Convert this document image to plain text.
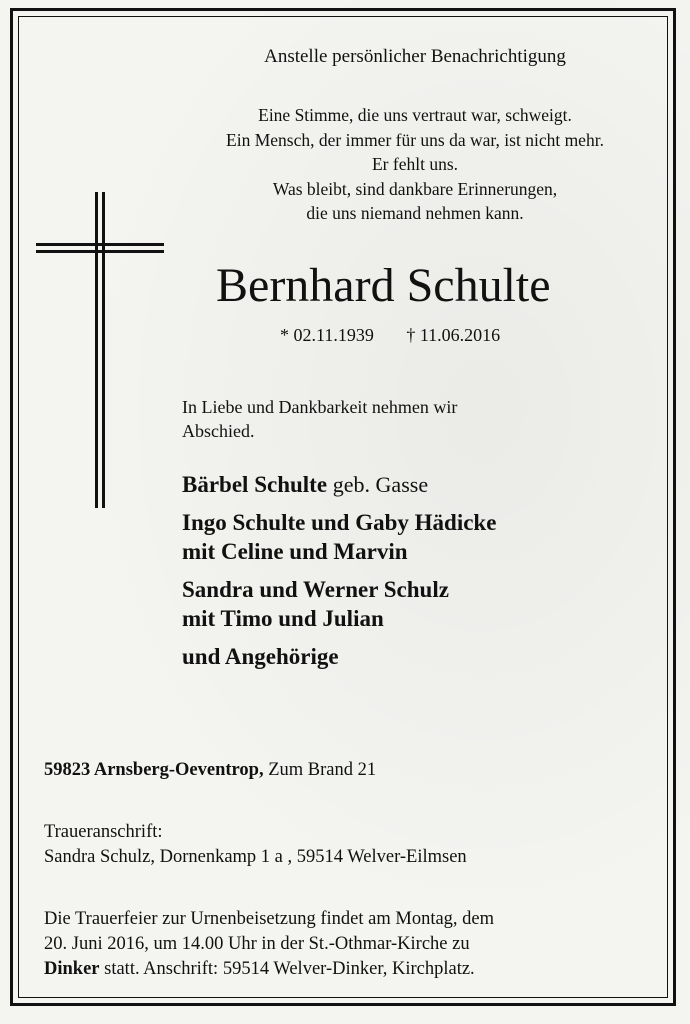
Anstelle persönlicher Benachrichtigung
Eine Stimme, die uns vertraut war, schweigt.
Ein Mensch, der immer für uns da war, ist nicht mehr.
Er fehlt uns.
Was bleibt, sind dankbare Erinnerungen,
die uns niemand nehmen kann.
Bernhard Schulte
* 02.11.1939 † 11.06.2016
In Liebe und Dankbarkeit nehmen wir
Abschied.
Bärbel Schulte geb. Gasse
Ingo Schulte und Gaby Hädicke
mit Celine und Marvin
Sandra und Werner Schulz
mit Timo und Julian
und Angehörige
59823 Arnsberg-Oeventrop, Zum Brand 21
Traueranschrift:
Sandra Schulz, Dornenkamp 1 a , 59514 Welver-Eilmsen
Die Trauerfeier zur Urnenbeisetzung findet am Montag, dem
20. Juni 2016, um 14.00 Uhr in der St.-Othmar-Kirche zu
Dinker statt. Anschrift: 59514 Welver-Dinker, Kirchplatz.
